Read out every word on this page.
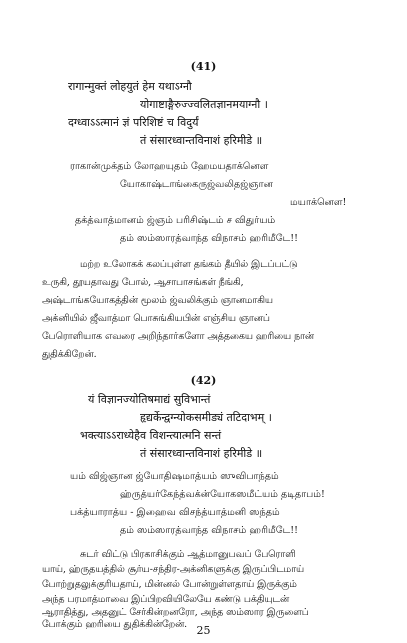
(41)
रागान्मुक्तं लोहयुतं हेम यथाऽग्नौ
योगाष्टाङ्गैरुज्ज्वलितज्ञानमयाग्नौ ।
दग्ध्वाऽऽत्मानं ज्ञं परिशिष्टं च विदुर्यं
तं संसारध्वान्तविनाशं हरिमीडे ॥
ராகான்முக்தம் லோஹயுதம் ஹேமயதாக்னௌ
யோகாஷ்டாங்கைருஜ்வலிதஜ்ஞான
மயாக்னௌ!
தக்த்வாத்மானம் ஜ்ஞம் பரிசிஷ்டம் ச விதுர்யம்
தம் ஸம்ஸாரத்வாந்த விநாசம் ஹரிமீடே!!
மற்ற உலோகக் கலப்புள்ள தங்கம் தீயில் இடப்பட்டு
உருகி, தூயதாவது போல், ஆசாபாசங்கள் நீங்கி,
அஷ்டாங்கயோகத்தின் மூலம் ஜ்வலிக்கும் ஞானமாகிய
அக்னியில் ஜீவாத்மா பொசுங்கியபின் எஞ்சிய ஞானப்
பேரொளியாக எவரை அறிந்தார்களோ அத்தகைய ஹரியை நான்
துதிக்கிறேன்.
(42)
यं विज्ञानज्योतिषमाद्यं सुविभान्तं
हृद्यर्केन्द्वग्न्योकसमीड्यं तटिदाभम् ।
भक्त्याऽऽराध्येहैव विशन्त्यात्मनि सन्तं
तं संसारध्वान्तविनाशं हरिमीडे ॥
யம் விஜ்ஞான ஜ்யோதிஷமாத்யம் ஸுவிபாந்தம்
ஹ்ருத்யர்கேந்த்வக்ன்யோகஸமீட்யம் தடிதாபம்!
பக்த்யாராத்ய - இஹைவ விசந்த்யாத்மனி ஸந்தம்
தம் ஸம்ஸாரத்வாந்த விநாசம் ஹரிமீடே!!
சுடர் விட்டு பிரகாசிக்கும் ஆத்மானுபவப் பேரொளி
யாய், ஹ்ருதயத்தில் சூர்ய-சந்திர-அக்னிகளுக்கு இருப்பிடமாய்
போற்றுதலுக்குரியதாய், மின்னல் போன்றுள்ளதாய் இருக்கும்
அந்த பரமாத்மாவை இப்பிறவியிலேயே கண்டு பக்தியுடன்
ஆராதித்து, அதனுட் சேர்கின்றனரோ, அந்த ஸம்ஸார இருளைப்
போக்கும் ஹரியை துதிக்கின்றேன். 25
